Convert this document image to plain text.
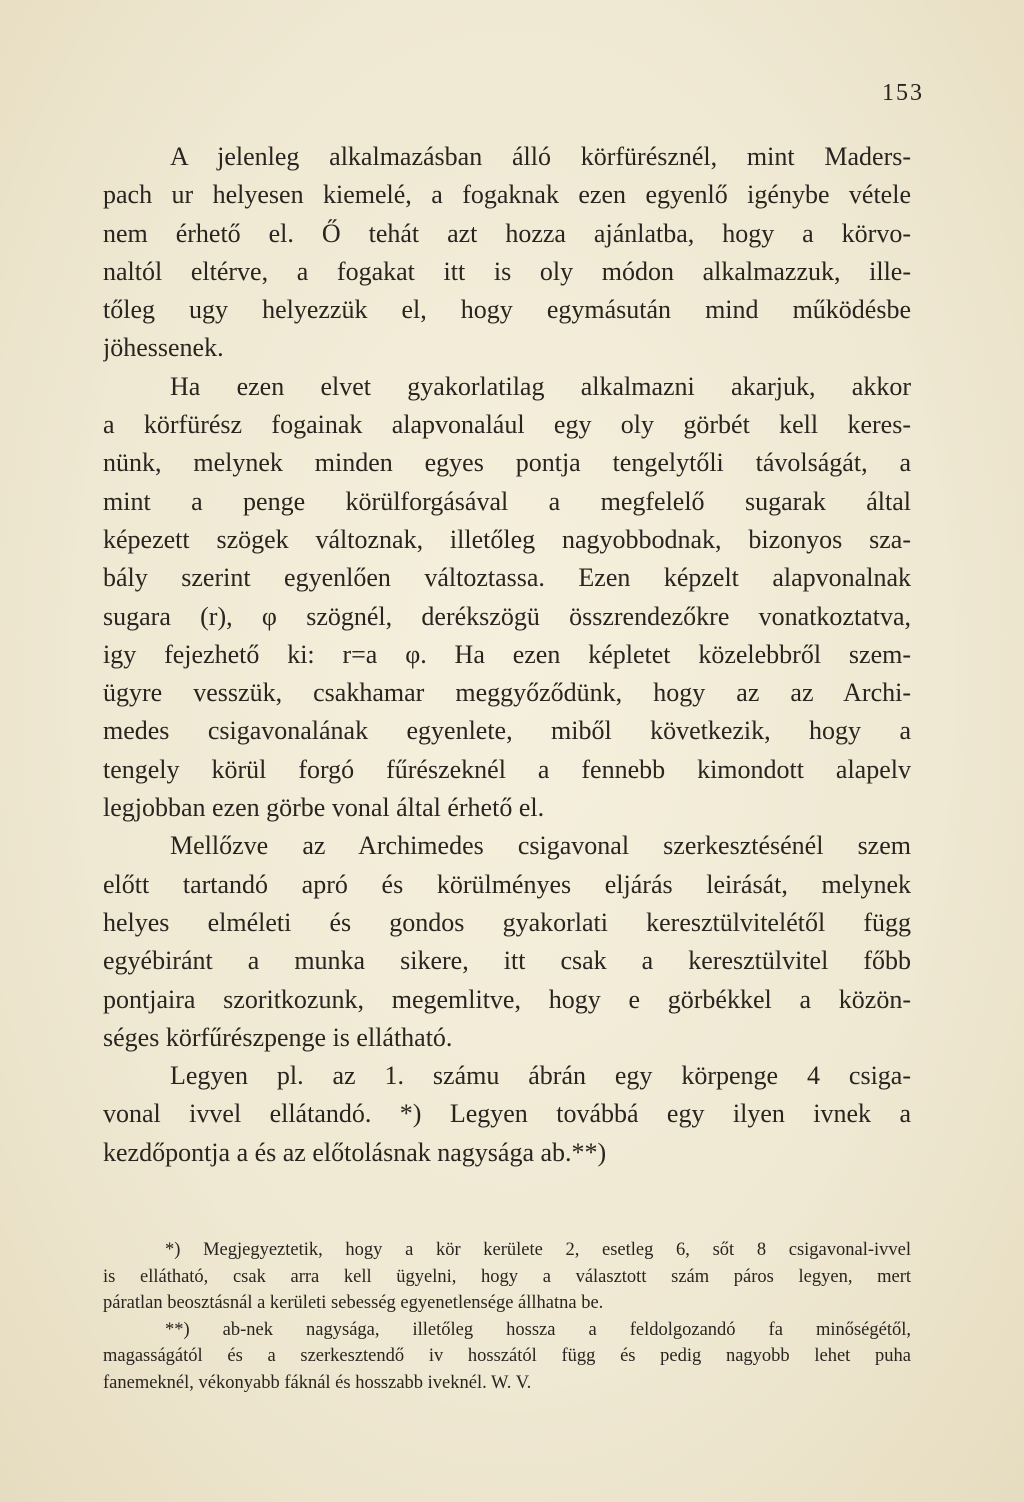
153
A jelenleg alkalmazásban álló körfürésznél, mint Maders-
pach ur helyesen kiemelé, a fogaknak ezen egyenlő igénybe vétele
nem érhető el. Ő tehát azt hozza ajánlatba, hogy a körvo-
naltól eltérve, a fogakat itt is oly módon alkalmazzuk, ille-
tőleg ugy helyezzük el, hogy egymásután mind működésbe
jöhessenek.
Ha ezen elvet gyakorlatilag alkalmazni akarjuk, akkor
a körfürész fogainak alapvonalául egy oly görbét kell keres-
nünk, melynek minden egyes pontja tengelytőli távolságát, a
mint a penge körülforgásával a megfelelő sugarak által
képezett szögek változnak, illetőleg nagyobbodnak, bizonyos sza-
bály szerint egyenlően változtassa. Ezen képzelt alapvonalnak
sugara (r), φ szögnél, derékszögü összrendezőkre vonatkoztatva,
igy fejezhető ki: r=a φ. Ha ezen képletet közelebbről szem-
ügyre vesszük, csakhamar meggyőződünk, hogy az az Archi-
medes csigavonalának egyenlete, miből következik, hogy a
tengely körül forgó fűrészeknél a fennebb kimondott alapelv
legjobban ezen görbe vonal által érhető el.
Mellőzve az Archimedes csigavonal szerkesztésénél szem
előtt tartandó apró és körülményes eljárás leirását, melynek
helyes elméleti és gondos gyakorlati keresztülvitelétől függ
egyébiránt a munka sikere, itt csak a keresztülvitel főbb
pontjaira szoritkozunk, megemlitve, hogy e görbékkel a közön-
séges körfűrészpenge is ellátható.
Legyen pl. az 1. számu ábrán egy körpenge 4 csiga-
vonal ivvel ellátandó. *) Legyen továbbá egy ilyen ivnek a
kezdőpontja a és az előtolásnak nagysága ab.**)
*) Megjegyeztetik, hogy a kör kerülete 2, esetleg 6, sőt 8 csigavonal-ivvel
is ellátható, csak arra kell ügyelni, hogy a választott szám páros legyen, mert
páratlan beosztásnál a kerületi sebesség egyenetlensége állhatna be.
**) ab-nek nagysága, illetőleg hossza a feldolgozandó fa minőségétől,
magasságától és a szerkesztendő iv hosszától függ és pedig nagyobb lehet puha
fanemeknél, vékonyabb fáknál és hosszabb iveknél. W. V.
